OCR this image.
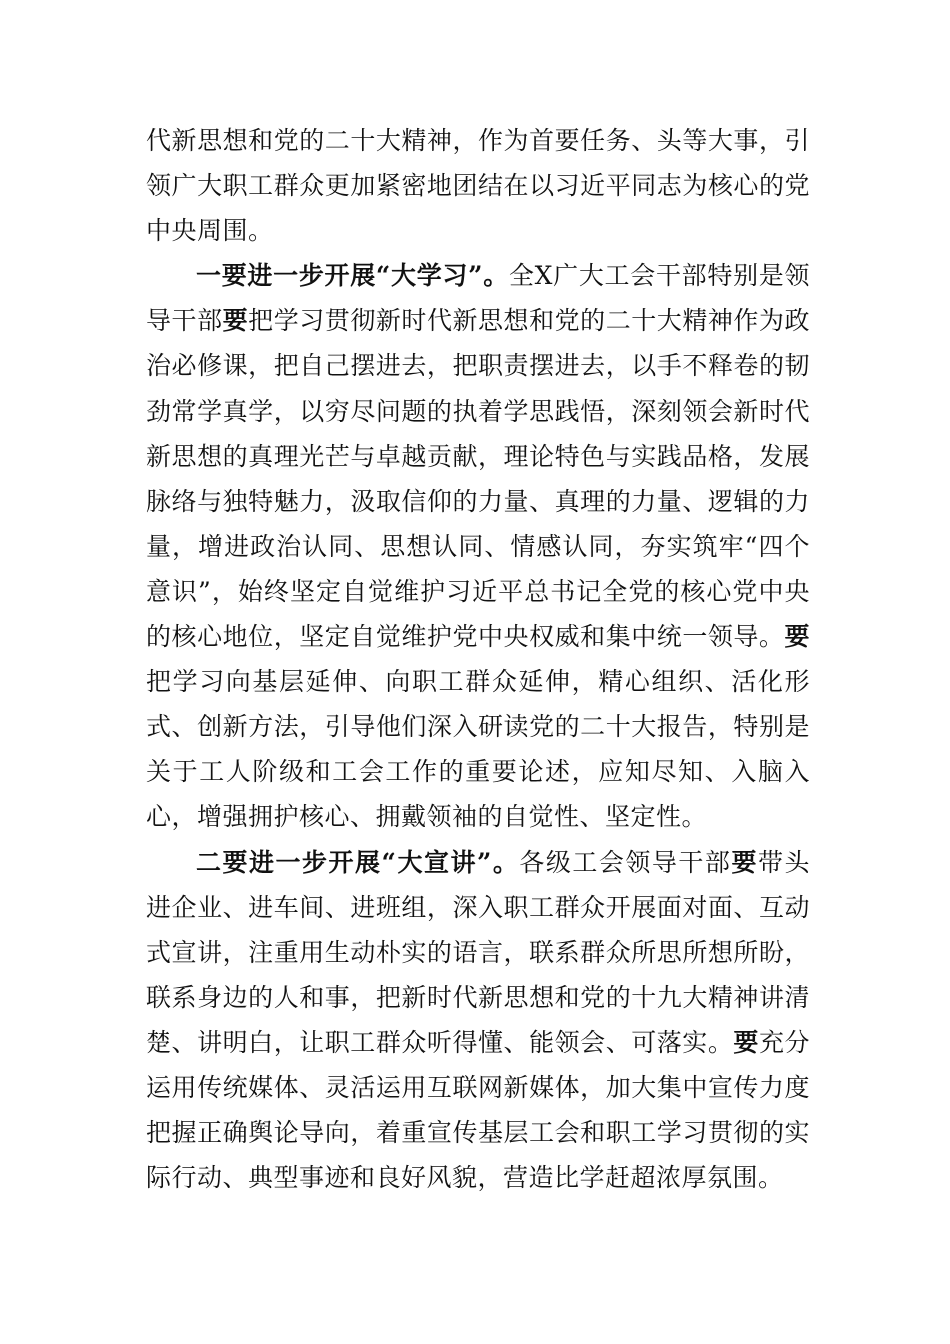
代新思想和党的二十大精神，作为首要任务、头等大事，引领广大职工群众更加紧密地团结在以习近平同志为核心的党中央周围。

一要进一步开展“大学习”。全X广大工会干部特别是领导干部要把学习贯彻新时代新思想和党的二十大精神作为政治必修课，把自己摆进去，把职责摆进去，以手不释卷的韧劲常学真学，以穷尽问题的执着学思践悟，深刻领会新时代新思想的真理光芒与卓越贡献，理论特色与实践品格，发展脉络与独特魅力，汲取信仰的力量、真理的力量、逻辑的力量，增进政治认同、思想认同、情感认同，夯实筑牢“四个意识”，始终坚定自觉维护习近平总书记全党的核心党中央的核心地位，坚定自觉维护党中央权威和集中统一领导。要把学习向基层延伸、向职工群众延伸，精心组织、活化形式、创新方法，引导他们深入研读党的二十大报告，特别是关于工人阶级和工会工作的重要论述，应知尽知、入脑入心，增强拥护核心、拥戴领袖的自觉性、坚定性。

二要进一步开展“大宣讲”。各级工会领导干部要带头进企业、进车间、进班组，深入职工群众开展面对面、互动式宣讲，注重用生动朴实的语言，联系群众所思所想所盼，联系身边的人和事，把新时代新思想和党的十九大精神讲清楚、讲明白，让职工群众听得懂、能领会、可落实。要充分运用传统媒体、灵活运用互联网新媒体，加大集中宣传力度把握正确舆论导向，着重宣传基层工会和职工学习贯彻的实际行动、典型事迹和良好风貌，营造比学赶超浓厚氛围。
